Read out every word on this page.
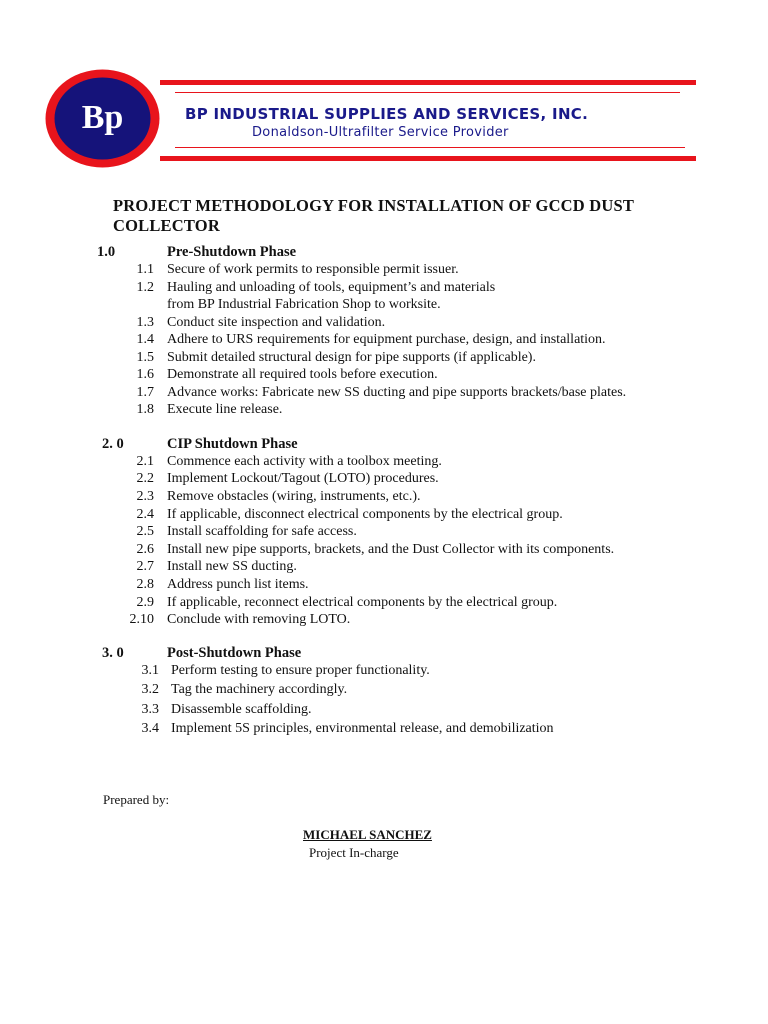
Bp	BP INDUSTRIAL SUPPLIES AND SERVICES, INC.
Donaldson-Ultrafilter Service Provider
PROJECT METHODOLOGY FOR INSTALLATION OF GCCD DUST COLLECTOR
1.0	Pre-Shutdown Phase
1.1 Secure of work permits to responsible permit issuer.
1.2 Hauling and unloading of tools, equipment’s and materials
from BP Industrial Fabrication Shop to worksite.
1.3 Conduct site inspection and validation.
1.4 Adhere to URS requirements for equipment purchase, design, and installation.
1.5 Submit detailed structural design for pipe supports (if applicable).
1.6 Demonstrate all required tools before execution.
1.7 Advance works: Fabricate new SS ducting and pipe supports brackets/base plates.
1.8 Execute line release.
2. 0	CIP Shutdown Phase
2.1 Commence each activity with a toolbox meeting.
2.2 Implement Lockout/Tagout (LOTO) procedures.
2.3 Remove obstacles (wiring, instruments, etc.).
2.4 If applicable, disconnect electrical components by the electrical group.
2.5 Install scaffolding for safe access.
2.6 Install new pipe supports, brackets, and the Dust Collector with its components.
2.7 Install new SS ducting.
2.8 Address punch list items.
2.9 If applicable, reconnect electrical components by the electrical group.
2.10 Conclude with removing LOTO.
3. 0	Post-Shutdown Phase
3.1 Perform testing to ensure proper functionality.
3.2 Tag the machinery accordingly.
3.3 Disassemble scaffolding.
3.4 Implement 5S principles, environmental release, and demobilization
Prepared by:
MICHAEL SANCHEZ
Project In-charge
